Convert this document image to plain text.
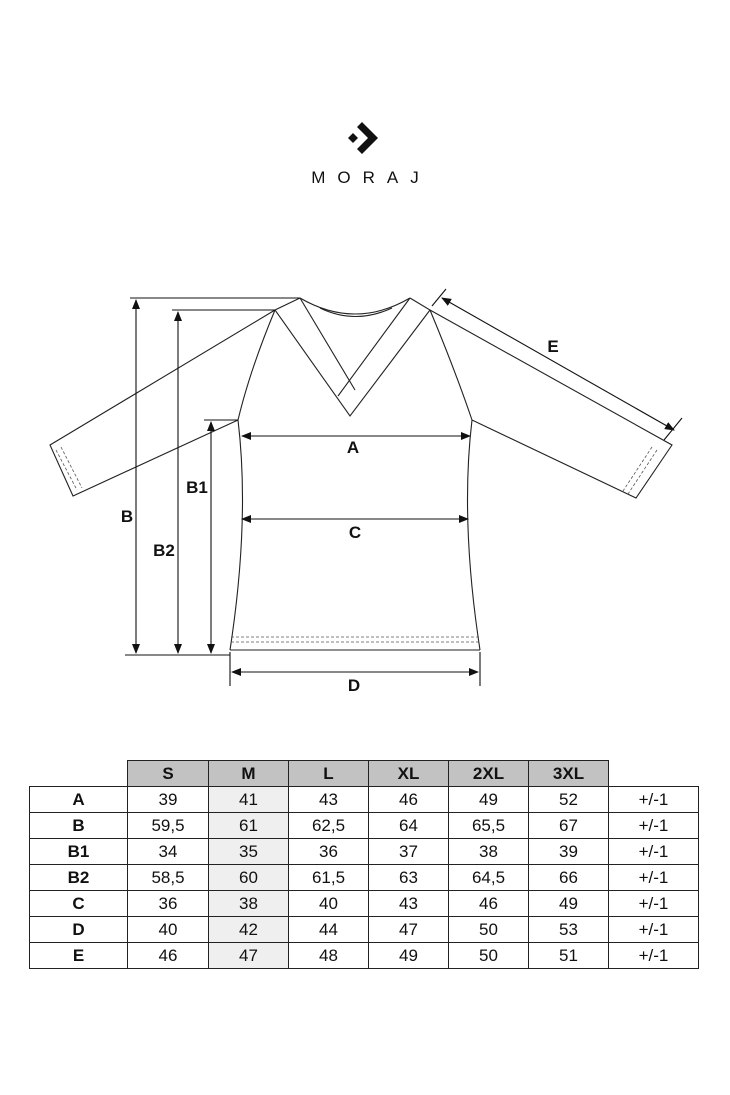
MORAJ
A
C
D
E
B
B2
B1
	S	M	L	XL	2XL	3XL	
A	39	41	43	46	49	52	+/-1
B	59,5	61	62,5	64	65,5	67	+/-1
B1	34	35	36	37	38	39	+/-1
B2	58,5	60	61,5	63	64,5	66	+/-1
C	36	38	40	43	46	49	+/-1
D	40	42	44	47	50	53	+/-1
E	46	47	48	49	50	51	+/-1
